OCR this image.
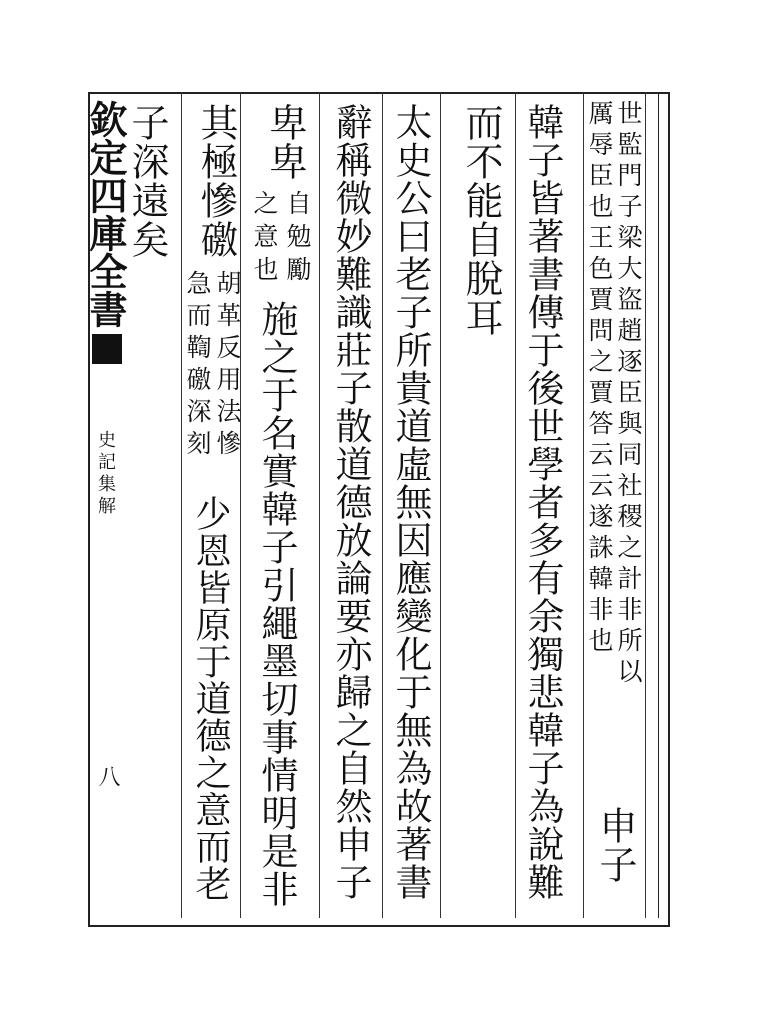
欽定四庫全書
史記集解
八
世監門子梁大盜趙逐臣與同社稷之計非所以
申子
厲辱臣也王色賈問之賈答云云遂誅韓非也
韓子皆著書傳于後世學者多有余獨悲韓子為說難
而不能自脫耳
太史公曰老子所貴道虛無因應變化于無為故著書
辭稱微妙難識莊子散道德放論要亦歸之自然申子
卑卑
自勉勵
之意也
施之于名實韓子引繩墨切事情明是非
其極慘礉
胡革反用法慘
急而鞫礉深刻
少恩皆原于道德之意而老
子深遠矣
